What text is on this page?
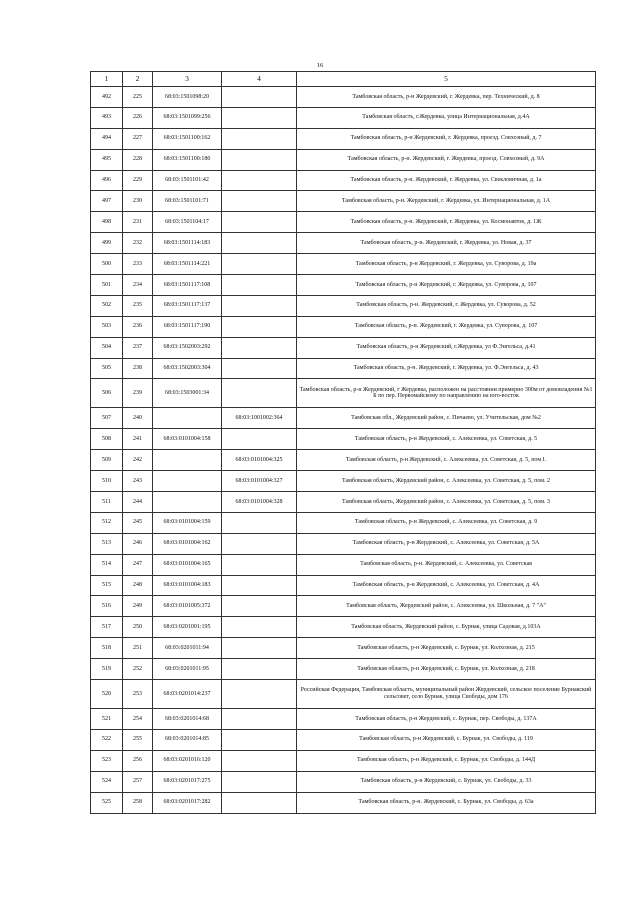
16
1	2	3	4	5
492	225	68:03:1501098:20		Тамбовская область, р-н Жердевский, г. Жердевка, пер. Технический, д. 8
493	226	68:03:1501099:256		Тамбовская область, г.Жердевка, улица Интернациональная, д.4А
494	227	68:03:1501100:162		Тамбовская область, р-н Жердевский, г. Жердевка, проезд. Совхозный, д. 7
495	228	68:03:1501100:180		Тамбовская область, р-н. Жердевский, г. Жердевка, проезд. Совхозный, д. 9А
496	229	68:03:1501101:42		Тамбовская область, р-н. Жердевский, г. Жердевка, ул. Свекловичная, д. 1а
497	230	68:03:1501101:71		Тамбовская область, р-н. Жердевский, г. Жердевка, ул. Интернациональная, д. 1А
498	231	68:03:1501104:17		Тамбовская область, р-н. Жердевский, г. Жердевка, ул. Космонавтов, д. 1Ж
499	232	68:03:1501114:183		Тамбовская область, р-н. Жердевский, г. Жердевка, ул. Новая, д. 37
500	233	68:03:1501114:221		Тамбовская область, р-н Жердевский, г. Жердевка, ул. Суворова, д. 19а
501	234	68:03:1501117:108		Тамбовская область, р-н Жердевский, г. Жердевка, ул. Суворова, д. 107
502	235	68:03:1501117:137		Тамбовская область, р-н. Жердевский, г. Жердевка, ул. Суворова, д. 52
503	236	68:03:1501117:190		Тамбовская область, р-н. Жердевский, г. Жердевка, ул. Суворова, д. 107
504	237	68:03:1502003:292		Тамбовская область, р-н Жердевский, г.Жердевка, ул Ф.Энгельса, д.41
505	238	68:03:1502003:304		Тамбовская область, р-н. Жердевский, г. Жердевка, ул. Ф.Энгельса, д. 43
506	239	68:03:1503001:34		Тамбовская область, р-н Жердевский, г Жердевка, расположен на расстоянии примерно 300м от домовладения №1 Б по пер. Первомайскому по направлению на юго-восток
507	240		68:03:1001002:364	Тамбовская обл., Жердевский район, с. Пичаево, ул. Учительская, дом №2
508	241	68:03:0101004:158		Тамбовская область, р-н Жердевский, с. Алексеевка, ул. Советская, д. 5
509	242		68:03:0101004:325	Тамбовская область, р-н Жердевский, с. Алексеевка, ул. Советская, д. 5, пом I.
510	243		68:03:0101004:327	Тамбовская область, Жердевский район, с. Алексеевка, ул. Советская, д. 5, пом. 2
511	244		68:03:0101004:328	Тамбовская область, Жердевский район, с. Алексеевка, ул. Советская, д. 5, пом. 3
512	245	68:03:0101004:159		Тамбовская область, р-н Жердевский, с. Алексеевка, ул. Советская, д. 9
513	246	68:03:0101004:162		Тамбовская область, р-н Жердевский, с. Алексеевка, ул. Советская, д. 5А
514	247	68:03:0101004:165		Тамбовская область, р-н. Жердевский, с. Алексеевка, ул. Советская
515	248	68:03:0101004:183		Тамбовская область, р-н Жердевский, с. Алексеевка, ул. Советская, д. 4А
516	249	68:03:0101005:372		Тамбовская область, Жердевский район, с. Алексеевка, ул. Школьная, д. 7 "А"
517	250	68:03:0201001:195		Тамбовская область, Жердевский район, с. Бурнак, улица Садовая, д.103А
518	251	68:03:0201011:94		Тамбовская область, р-н Жердевский, с. Бурнак, ул. Колхозная, д. 215
519	252	68:03:0201011:95		Тамбовская область, р-н Жердевский, с. Бурнак, ул. Колхозная, д. 218
520	253	68:03:0201014:237		Российская Федерация, Тамбовская область, муниципальный район Жердевский, сельское поселение Бурнакский сельсовет, село Бурнак, улица Свободы, дом 176
521	254	68:03:0201014:68		Тамбовская область, р-н Жердевский, с. Бурнак, пер. Свободы, д. 137А
522	255	68:03:0201014:85		Тамбовская область, р-н Жердевский, с. Бурнак, ул. Свободы, д. 119
523	256	68:03:0201016:120		Тамбовская область, р-н Жердевский, с. Бурнак, ул. Свободы, д. 144Д
524	257	68:03:0201017:275		Тамбовская область, р-н Жердевский, с. Бурнак, ул. Свободы, д. 33
525	258	68:03:0201017:282		Тамбовская область, р-н. Жердевский, с. Бурнак, ул. Свободы, д. 63а
